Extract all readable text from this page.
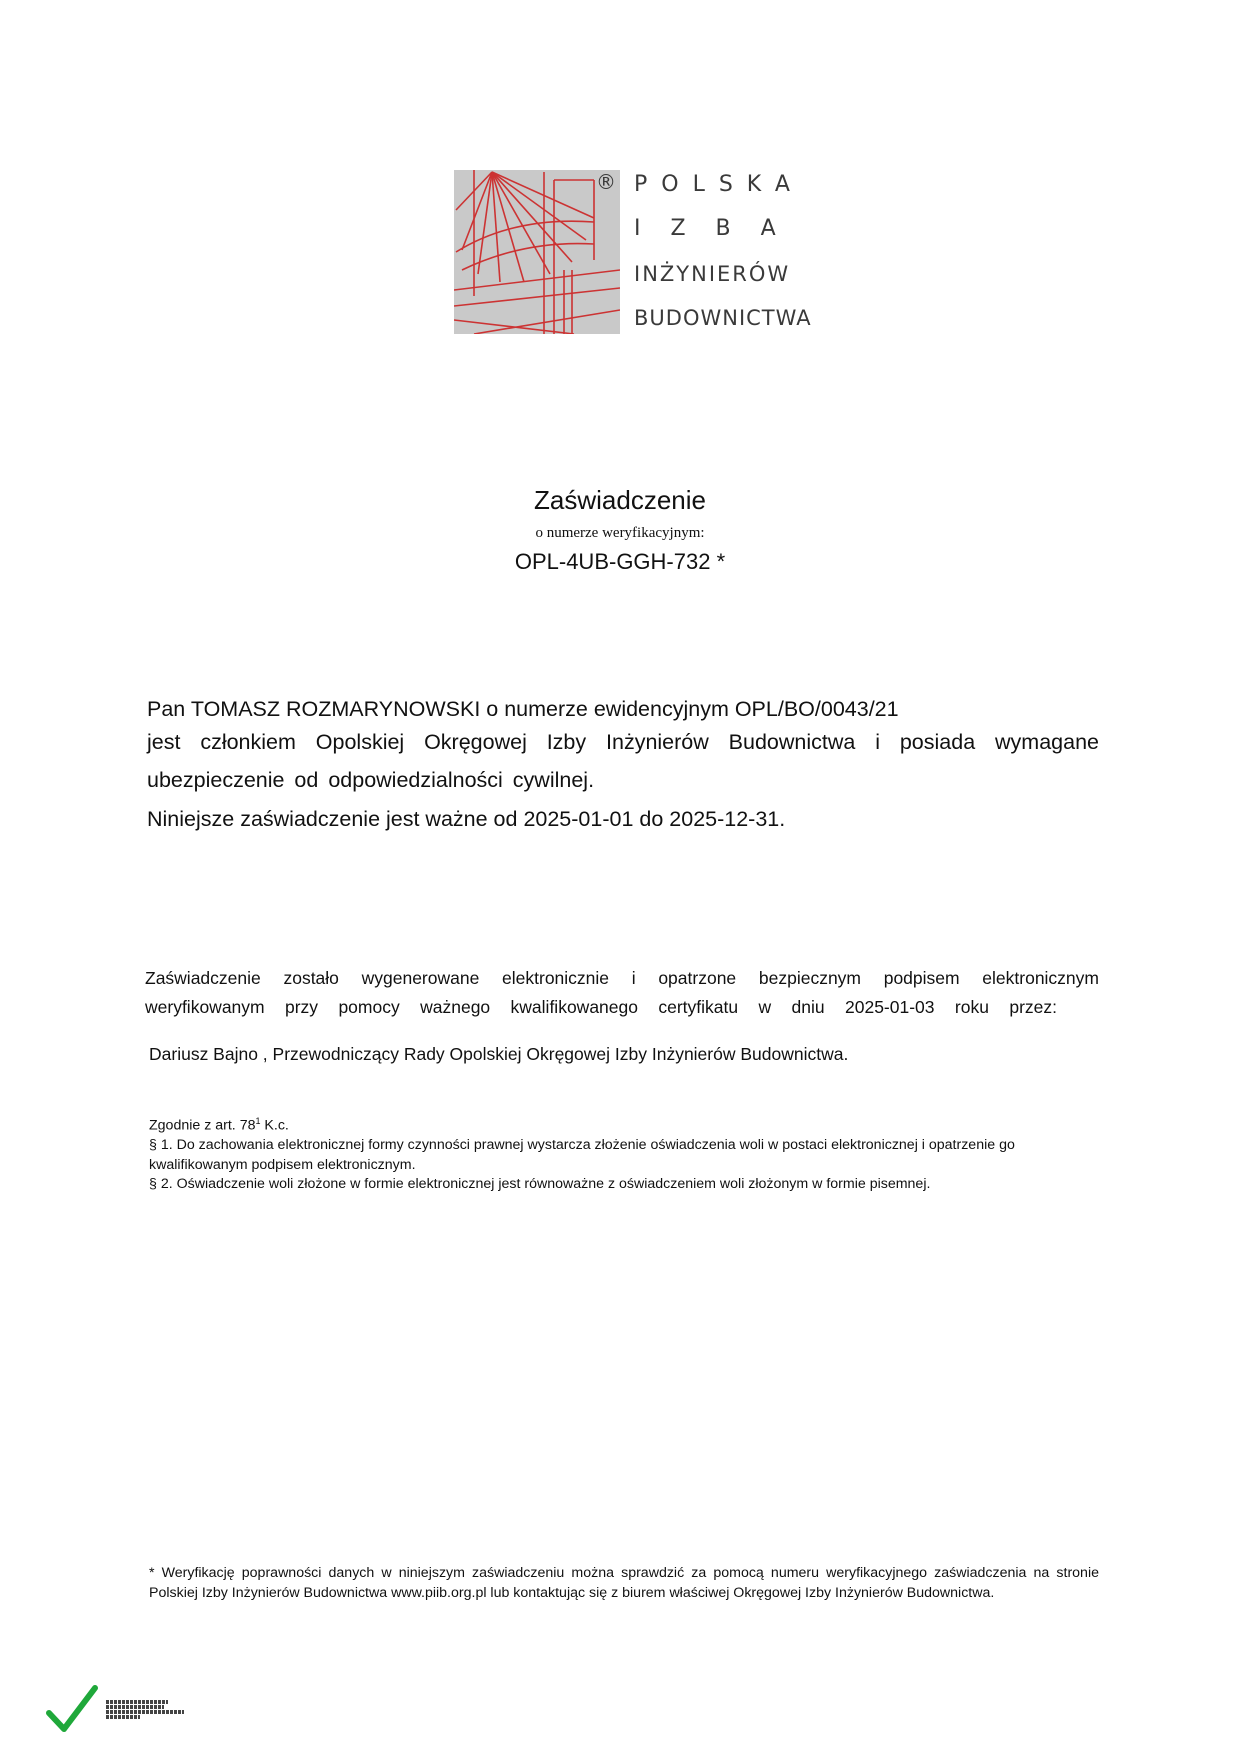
® POLSKA
IZBA
INŻYNIERÓW
BUDOWNICTWA
Zaświadczenie
o numerze weryfikacyjnym:
OPL-4UB-GGH-732 *
Pan TOMASZ ROZMARYNOWSKI o numerze ewidencyjnym OPL/BO/0043/21
jest członkiem Opolskiej Okręgowej Izby Inżynierów Budownictwa i posiada wymagane
ubezpieczenie od odpowiedzialności cywilnej.
Niniejsze zaświadczenie jest ważne od 2025-01-01 do 2025-12-31.
Zaświadczenie zostało wygenerowane elektronicznie i opatrzone bezpiecznym podpisem elektronicznym
weryfikowanym przy pomocy ważnego kwalifikowanego certyfikatu w dniu 2025-01-03 roku przez:
Dariusz Bajno , Przewodniczący Rady Opolskiej Okręgowej Izby Inżynierów Budownictwa.
Zgodnie z art. $78^1$ K.c.
§ 1. Do zachowania elektronicznej formy czynności prawnej wystarcza złożenie oświadczenia woli w postaci elektronicznej i opatrzenie go kwalifikowanym podpisem elektronicznym.
§ 2. Oświadczenie woli złożone w formie elektronicznej jest równoważne z oświadczeniem woli złożonym w formie pisemnej.
* Weryfikację poprawności danych w niniejszym zaświadczeniu można sprawdzić za pomocą numeru weryfikacyjnego zaświadczenia na stronie Polskiej Izby Inżynierów Budownictwa www.piib.org.pl lub kontaktując się z biurem właściwej Okręgowej Izby Inżynierów Budownictwa.
